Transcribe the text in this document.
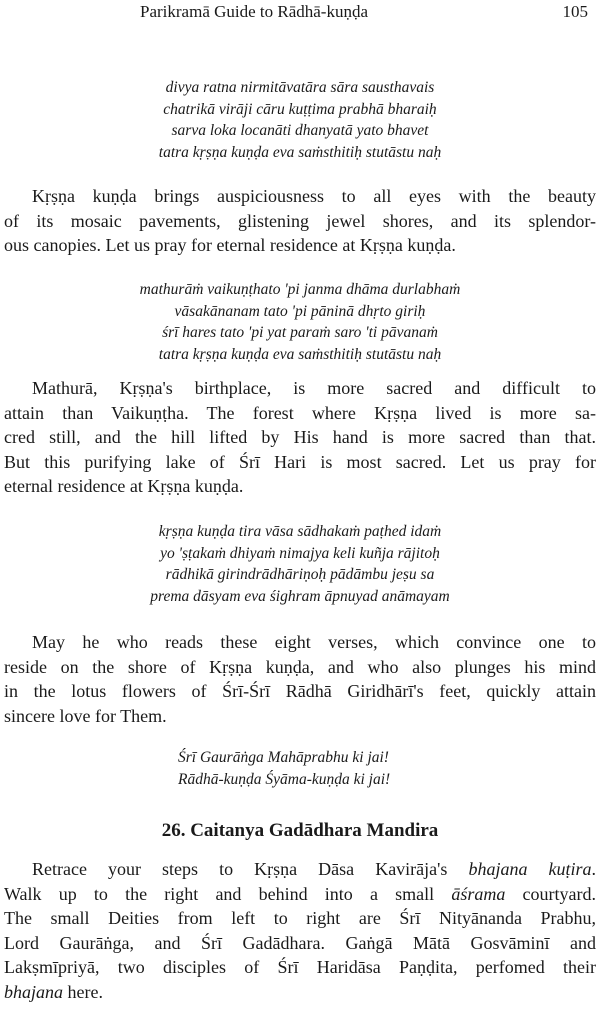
Parikramā Guide to Rādhā-kuṇḍa	105
divya ratna nirmitāvatāra sāra sausthavais
chatrikā virāji cāru kuṭṭima prabhā bharaiḥ
sarva loka locanāti dhanyatā yato bhavet
tatra kṛṣṇa kuṇḍa eva saṁsthitiḥ stutāstu naḥ
Kṛṣṇa kuṇḍa brings auspiciousness to all eyes with the beauty
of its mosaic pavements, glistening jewel shores, and its splendor-
ous canopies. Let us pray for eternal residence at Kṛṣṇa kuṇḍa.
mathurāṁ vaikuṇṭhato 'pi janma dhāma durlabhaṁ
vāsakānanam tato 'pi pāninā dhṛto giriḥ
śrī hares tato 'pi yat paraṁ saro 'ti pāvanaṁ
tatra kṛṣṇa kuṇḍa eva saṁsthitiḥ stutāstu naḥ
Mathurā, Kṛṣṇa's birthplace, is more sacred and difficult to
attain than Vaikuṇṭha. The forest where Kṛṣṇa lived is more sa-
cred still, and the hill lifted by His hand is more sacred than that.
But this purifying lake of Śrī Hari is most sacred. Let us pray for
eternal residence at Kṛṣṇa kuṇḍa.
kṛṣṇa kuṇḍa tira vāsa sādhakaṁ paṭhed idaṁ
yo 'ṣṭakaṁ dhiyaṁ nimajya keli kuñja rājitoḥ
rādhikā girindrādhāriṇoḥ pādāmbu jeṣu sa
prema dāsyam eva śighram āpnuyad anāmayam
May he who reads these eight verses, which convince one to
reside on the shore of Kṛṣṇa kuṇḍa, and who also plunges his mind
in the lotus flowers of Śrī-Śrī Rādhā Giridhārī's feet, quickly attain
sincere love for Them.
Śrī Gaurāṅga Mahāprabhu ki jai!
Rādhā-kuṇḍa Śyāma-kuṇḍa ki jai!
26. Caitanya Gadādhara Mandira
Retrace your steps to Kṛṣṇa Dāsa Kavirāja's bhajana kuṭira.
Walk up to the right and behind into a small āśrama courtyard.
The small Deities from left to right are Śrī Nityānanda Prabhu,
Lord Gaurāṅga, and Śrī Gadādhara. Gaṅgā Mātā Gosvāminī and
Lakṣmīpriyā, two disciples of Śrī Haridāsa Paṇḍita, perfomed their
bhajana here.
